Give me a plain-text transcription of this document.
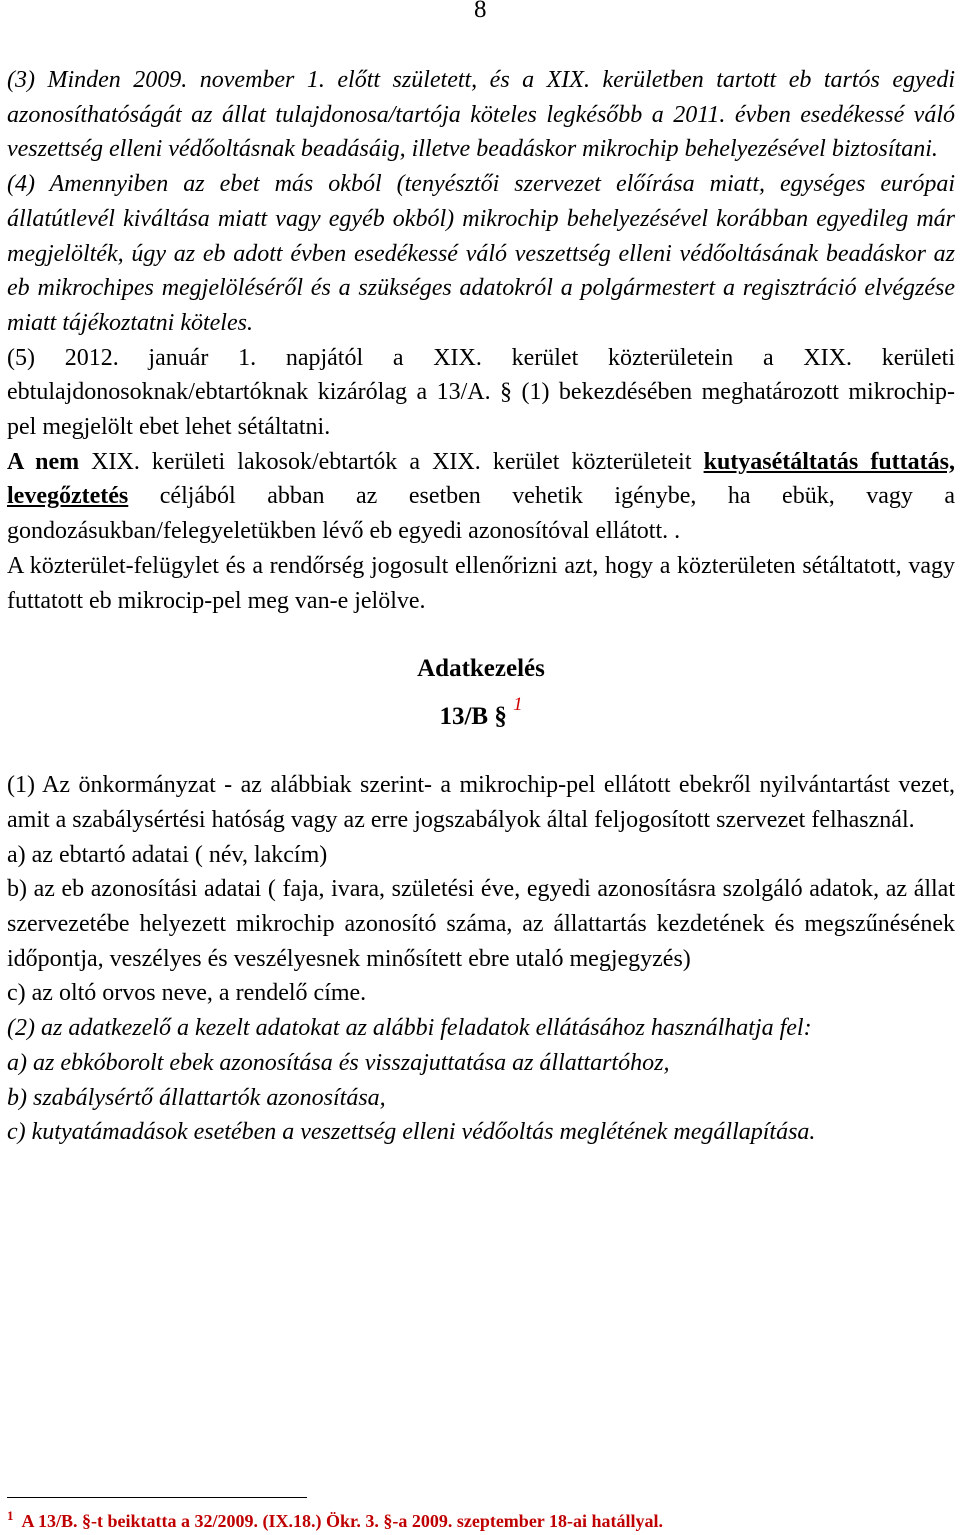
8

(3) Minden 2009. november 1. előtt született, és a XIX. kerületben tartott eb tartós egyedi azonosíthatóságát az állat tulajdonosa/tartója köteles legkésőbb a 2011. évben esedékessé váló veszettség elleni védőoltásnak beadásáig, illetve beadáskor mikrochip behelyezésével biztosítani.

(4) Amennyiben az ebet más okból (tenyésztői szervezet előírása miatt, egységes európai állatútlevél kiváltása miatt vagy egyéb okból) mikrochip behelyezésével korábban egyedileg már megjelölték, úgy az eb adott évben esedékessé váló veszettség elleni védőoltásának beadáskor az eb mikrochipes megjelöléséről és a szükséges adatokról a polgármestert a regisztráció elvégzése miatt tájékoztatni köteles.

(5) 2012. január 1. napjától a XIX. kerület közterületein a XIX. kerületi ebtulajdonosoknak/ebtartóknak kizárólag a 13/A. § (1) bekezdésében meghatározott mikrochip-pel megjelölt ebet lehet sétáltatni.

A nem XIX. kerületi lakosok/ebtartók a XIX. kerület közterületeit kutyasétáltatás futtatás, levegőztetés céljából abban az esetben vehetik igénybe, ha ebük, vagy a gondozásukban/felegyeletükben lévő eb egyedi azonosítóval ellátott. .

A közterület-felügylet és a rendőrség jogosult ellenőrizni azt, hogy a közterületen sétáltatott, vagy futtatott eb mikrocip-pel meg van-e jelölve.

Adatkezelés

13/B § $^1$

(1) Az önkormányzat - az alábbiak szerint- a mikrochip-pel ellátott ebekről nyilvántartást vezet, amit a szabálysértési hatóság vagy az erre jogszabályok által feljogosított szervezet felhasznál.

a) az ebtartó adatai ( név, lakcím)

b) az eb azonosítási adatai ( faja, ivara, születési éve, egyedi azonosításra szolgáló adatok, az állat szervezetébe helyezett mikrochip azonosító száma, az állattartás kezdetének és megszűnésének időpontja, veszélyes és veszélyesnek minősített ebre utaló megjegyzés)

c) az oltó orvos neve, a rendelő címe.

(2) az adatkezelő a kezelt adatokat az alábbi feladatok ellátásához használhatja fel:

a) az ebkóborolt ebek azonosítása és visszajuttatása az állattartóhoz,

b) szabálysértő állattartók azonosítása,

c) kutyatámadások esetében a veszettség elleni védőoltás meglétének megállapítása.

$^1$ A 13/B. §-t beiktatta a 32/2009. (IX.18.) Ökr. 3. §-a 2009. szeptember 18-ai hatállyal.
